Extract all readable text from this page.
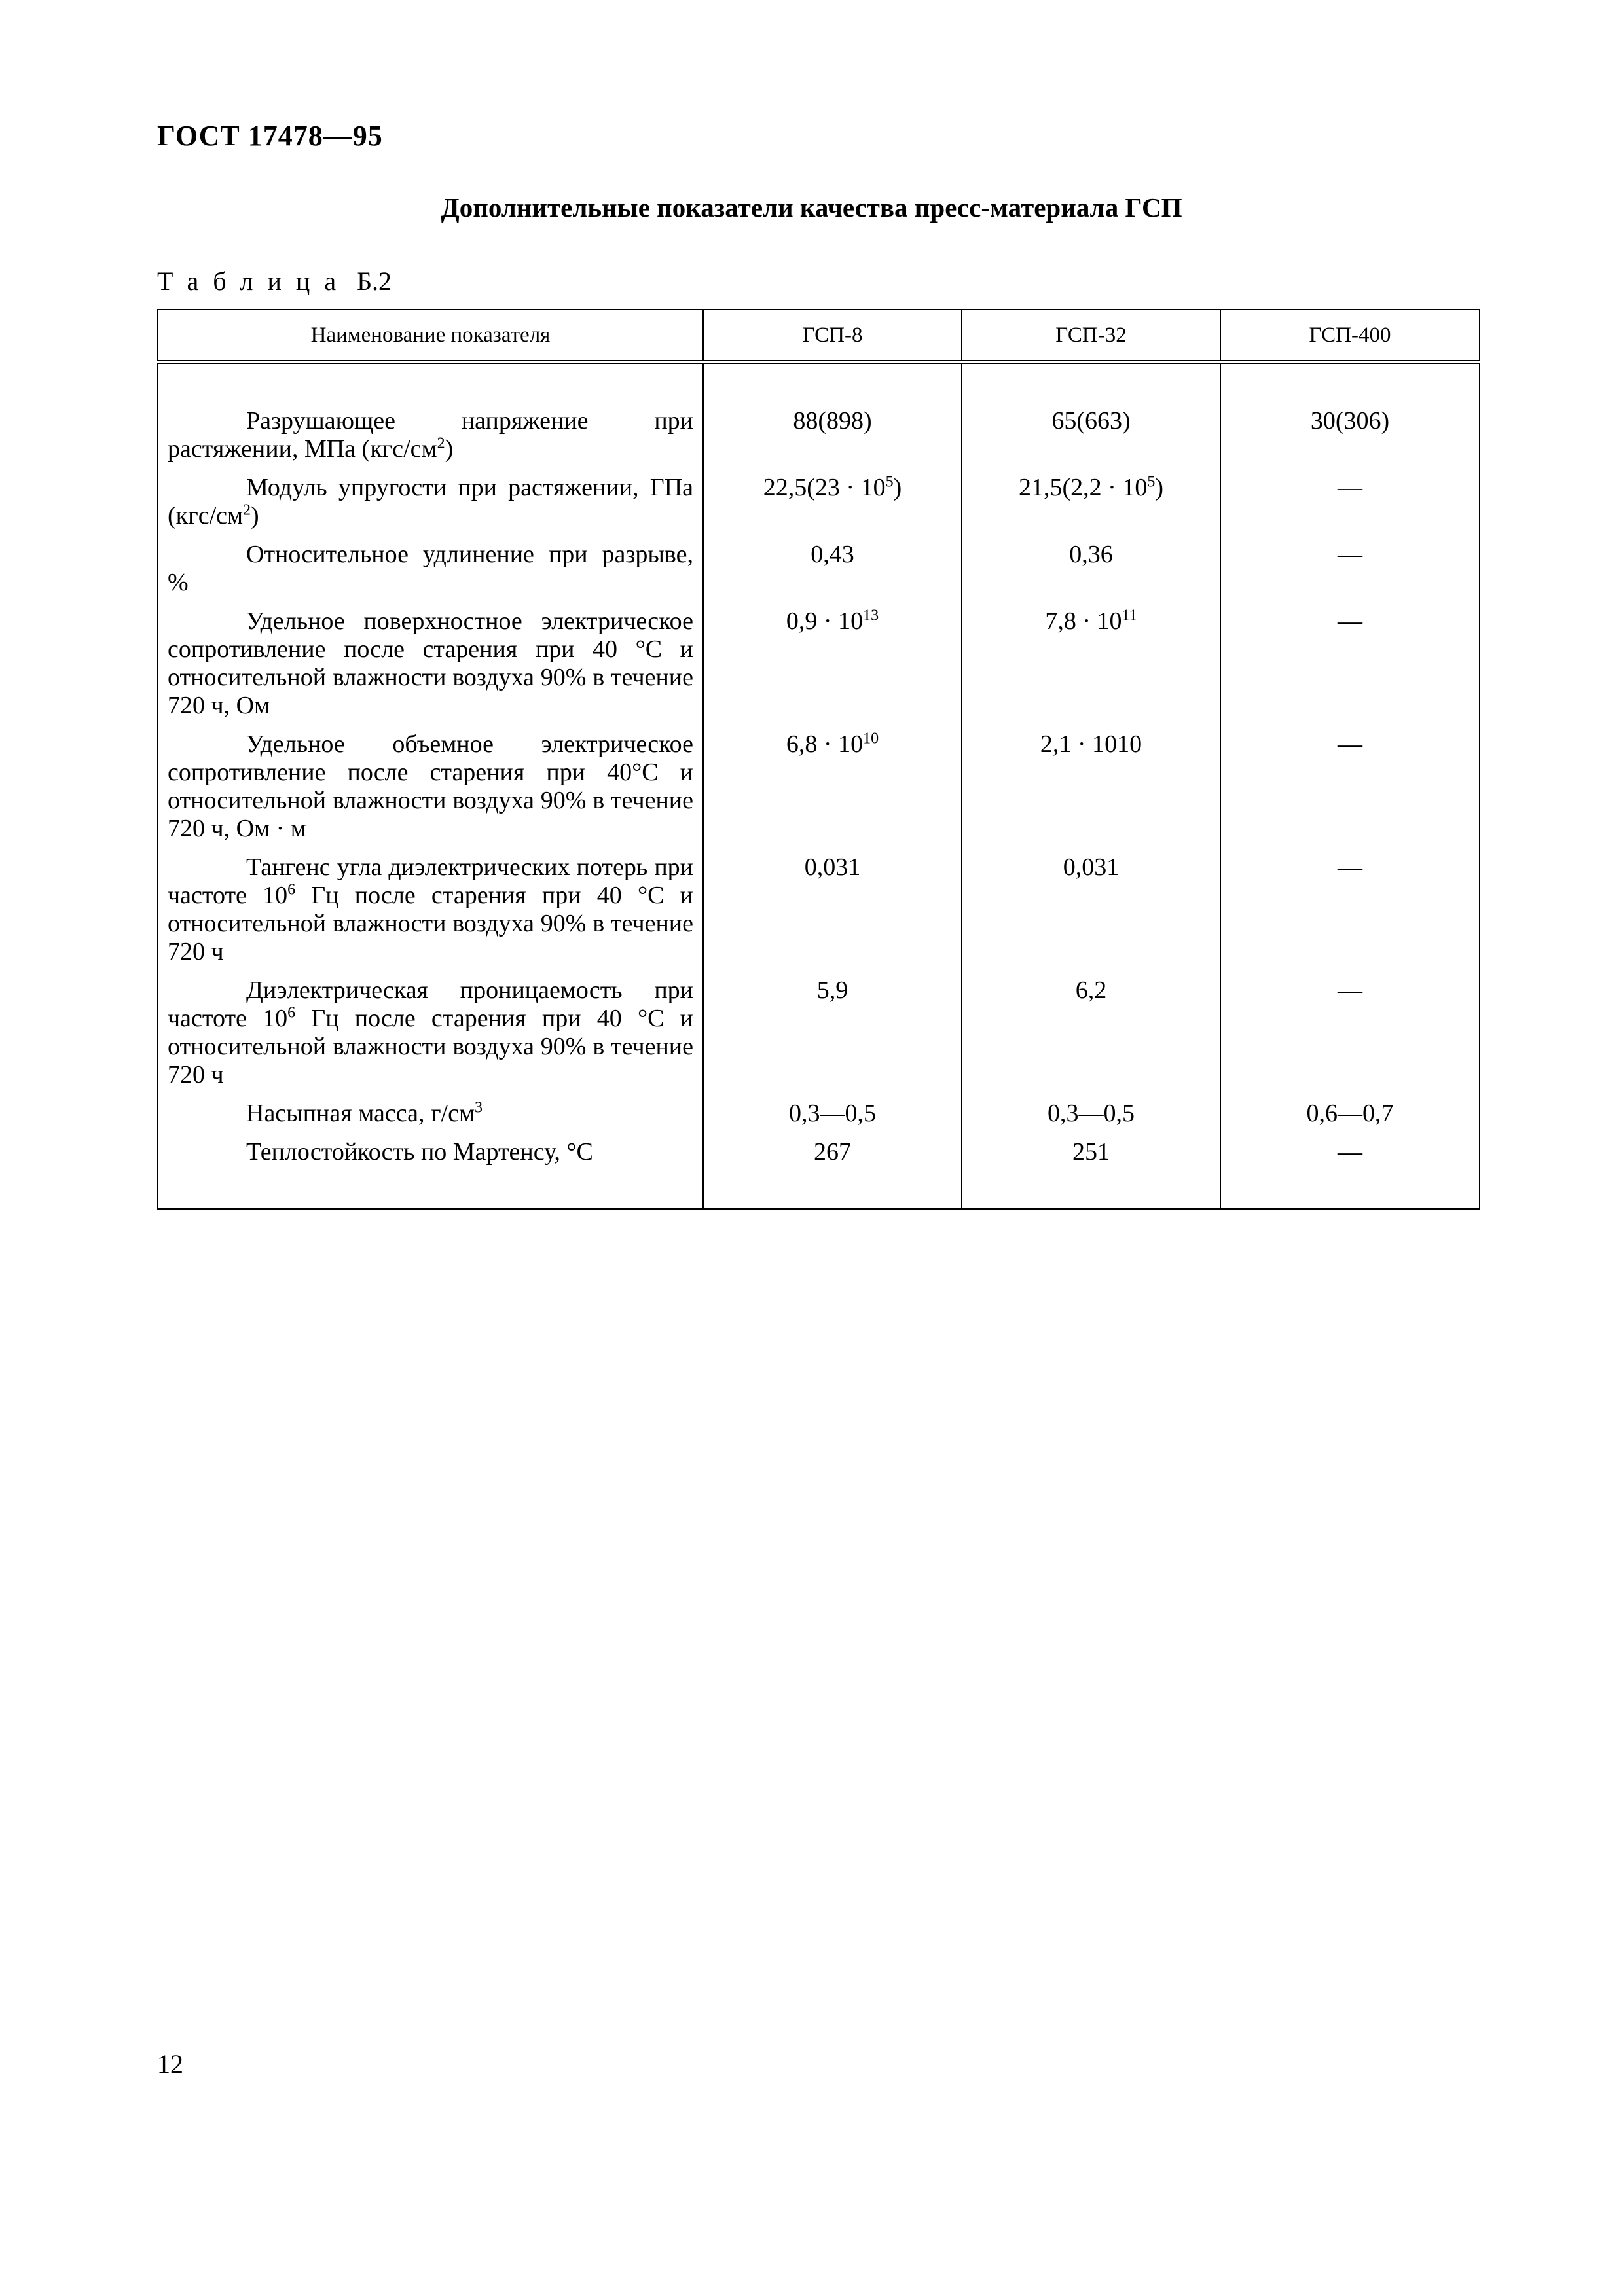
ГОСТ 17478—95
Дополнительные показатели качества пресс-материала ГСП
Таблица Б.2
Наименование показателя	ГСП-8	ГСП-32	ГСП-400
Разрушающее напряжение при растяжении, МПа $(кгс/см^2)$	88(898)	65(663)	30(306)
Модуль упругости при растяжении, ГПа $(кгс/см^2)$	$22,5(23 \cdot 10^5)$	$21,5(2,2 \cdot 10^5)$	—
Относительное удлинение при разрыве, %	0,43	0,36	—
Удельное поверхностное электрическое сопротивление после старения при 40 °С и относительной влажности воздуха 90% в течение 720 ч, Ом	$0,9 \cdot 10^{13}$	$7,8 \cdot 10^{11}$	—
Удельное объемное электрическое сопротивление после старения при 40°С и относительной влажности воздуха 90% в течение 720 ч, Ом · м	$6,8 \cdot 10^{10}$	2,1 · 1010	—
Тангенс угла диэлектрических потерь при частоте $10^6$ Гц после старения при 40 °С и относительной влажности воздуха 90% в течение 720 ч	0,031	0,031	—
Диэлектрическая проницаемость при частоте $10^6$ Гц после старения при 40 °С и относительной влажности воздуха 90% в течение 720 ч	5,9	6,2	—
Насыпная масса, $г/см^3$	0,3—0,5	0,3—0,5	0,6—0,7
Теплостойкость по Мартенсу, °С	267	251	—
12
